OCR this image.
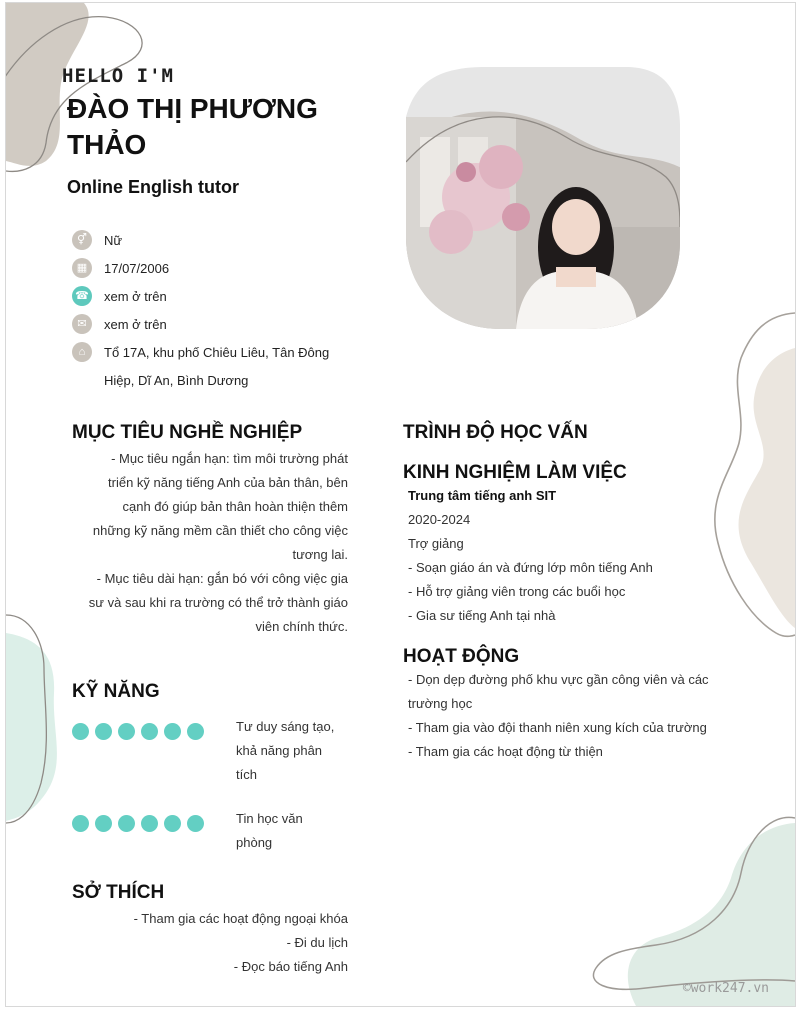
HELLO I'M
ĐÀO THỊ PHƯƠNG THẢO
Online English tutor
⚥	Nữ
▦	17/07/2006
☎ xem ở trên
✉	xem ở trên
⌂	Tổ 17A, khu phố Chiêu Liêu, Tân Đông Hiệp, Dĩ An, Bình Dương
MỤC TIÊU NGHỀ NGHIỆP
- Mục tiêu ngắn hạn: tìm môi trường phát
triển kỹ năng tiếng Anh của bản thân, bên
cạnh đó giúp bản thân hoàn thiện thêm
những kỹ năng mềm cần thiết cho công việc
tương lai.
- Mục tiêu dài hạn: gắn bó với công việc gia
sư và sau khi ra trường có thể trở thành giáo
viên chính thức.
KỸ NĂNG
Tư duy sáng tạo,
khả năng phân
tích
Tin học văn
phòng
SỞ THÍCH
- Tham gia các hoạt động ngoại khóa
- Đi du lịch
- Đọc báo tiếng Anh
TRÌNH ĐỘ HỌC VẤN
KINH NGHIỆM LÀM VIỆC
Trung tâm tiếng anh SIT
2020-2024
Trợ giảng
- Soạn giáo án và đứng lớp môn tiếng Anh
- Hỗ trợ giảng viên trong các buổi học
- Gia sư tiếng Anh tại nhà
HOẠT ĐỘNG
- Dọn dẹp đường phố khu vực gần công viên và các
trường học
- Tham gia vào đội thanh niên xung kích của trường
- Tham gia các hoạt động từ thiện
©work247.vn
